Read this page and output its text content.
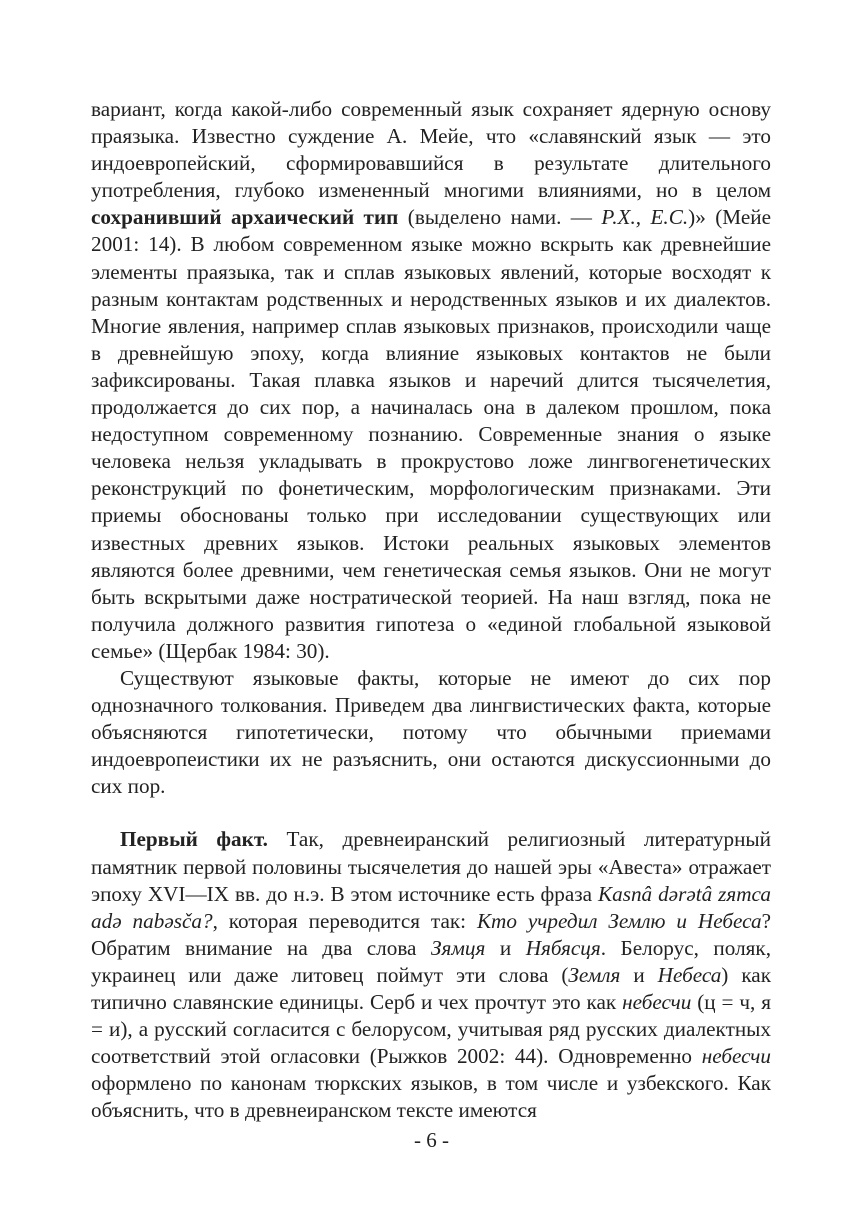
вариант, когда какой-либо современный язык сохраняет ядерную основу праязыка. Известно суждение А. Мейе, что «славянский язык — это индоевропейский, сформировавшийся в результате длительного употребления, глубоко измененный многими влияниями, но в целом сохранивший архаический тип (выделено нами. — Р.Х., Е.С.)» (Мейе 2001: 14). В любом современном языке можно вскрыть как древнейшие элементы праязыка, так и сплав языковых явлений, которые восходят к разным контактам родственных и неродственных языков и их диалектов. Многие явления, например сплав языковых признаков, происходили чаще в древнейшую эпоху, когда влияние языковых контактов не были зафиксированы. Такая плавка языков и наречий длится тысячелетия, продолжается до сих пор, а начиналась она в далеком прошлом, пока недоступном современному познанию. Современные знания о языке человека нельзя укладывать в прокрустово ложе лингвогенетических реконструкций по фонетическим, морфологическим признаками. Эти приемы обоснованы только при исследовании существующих или известных древних языков. Истоки реальных языковых элементов являются более древними, чем генетическая семья языков. Они не могут быть вскрытыми даже ностратической теорией. На наш взгляд, пока не получила должного развития гипотеза о «единой глобальной языковой семье» (Щербак 1984: 30).

Существуют языковые факты, которые не имеют до сих пор однозначного толкования. Приведем два лингвистических факта, которые объясняются гипотетически, потому что обычными приемами индоевропеистики их не разъяснить, они остаются дискуссионными до сих пор.

Первый факт. Так, древнеиранский религиозный литературный памятник первой половины тысячелетия до нашей эры «Авеста» отражает эпоху XVI—IX вв. до н.э. В этом источнике есть фраза Kasnâ dərətâ zятса adə nabəsča?, которая переводится так: Кто учредил Землю и Небеса? Обратим внимание на два слова Зямця и Нябясця. Белорус, поляк, украинец или даже литовец поймут эти слова (Земля и Небеса) как типично славянские единицы. Серб и чех прочтут это как небесчи (ц = ч, я = и), а русский согласится с белорусом, учитывая ряд русских диалектных соответствий этой огласовки (Рыжков 2002: 44). Одновременно небесчи оформлено по канонам тюркских языков, в том числе и узбекского. Как объяснить, что в древнеиранском тексте имеются

- 6 -
